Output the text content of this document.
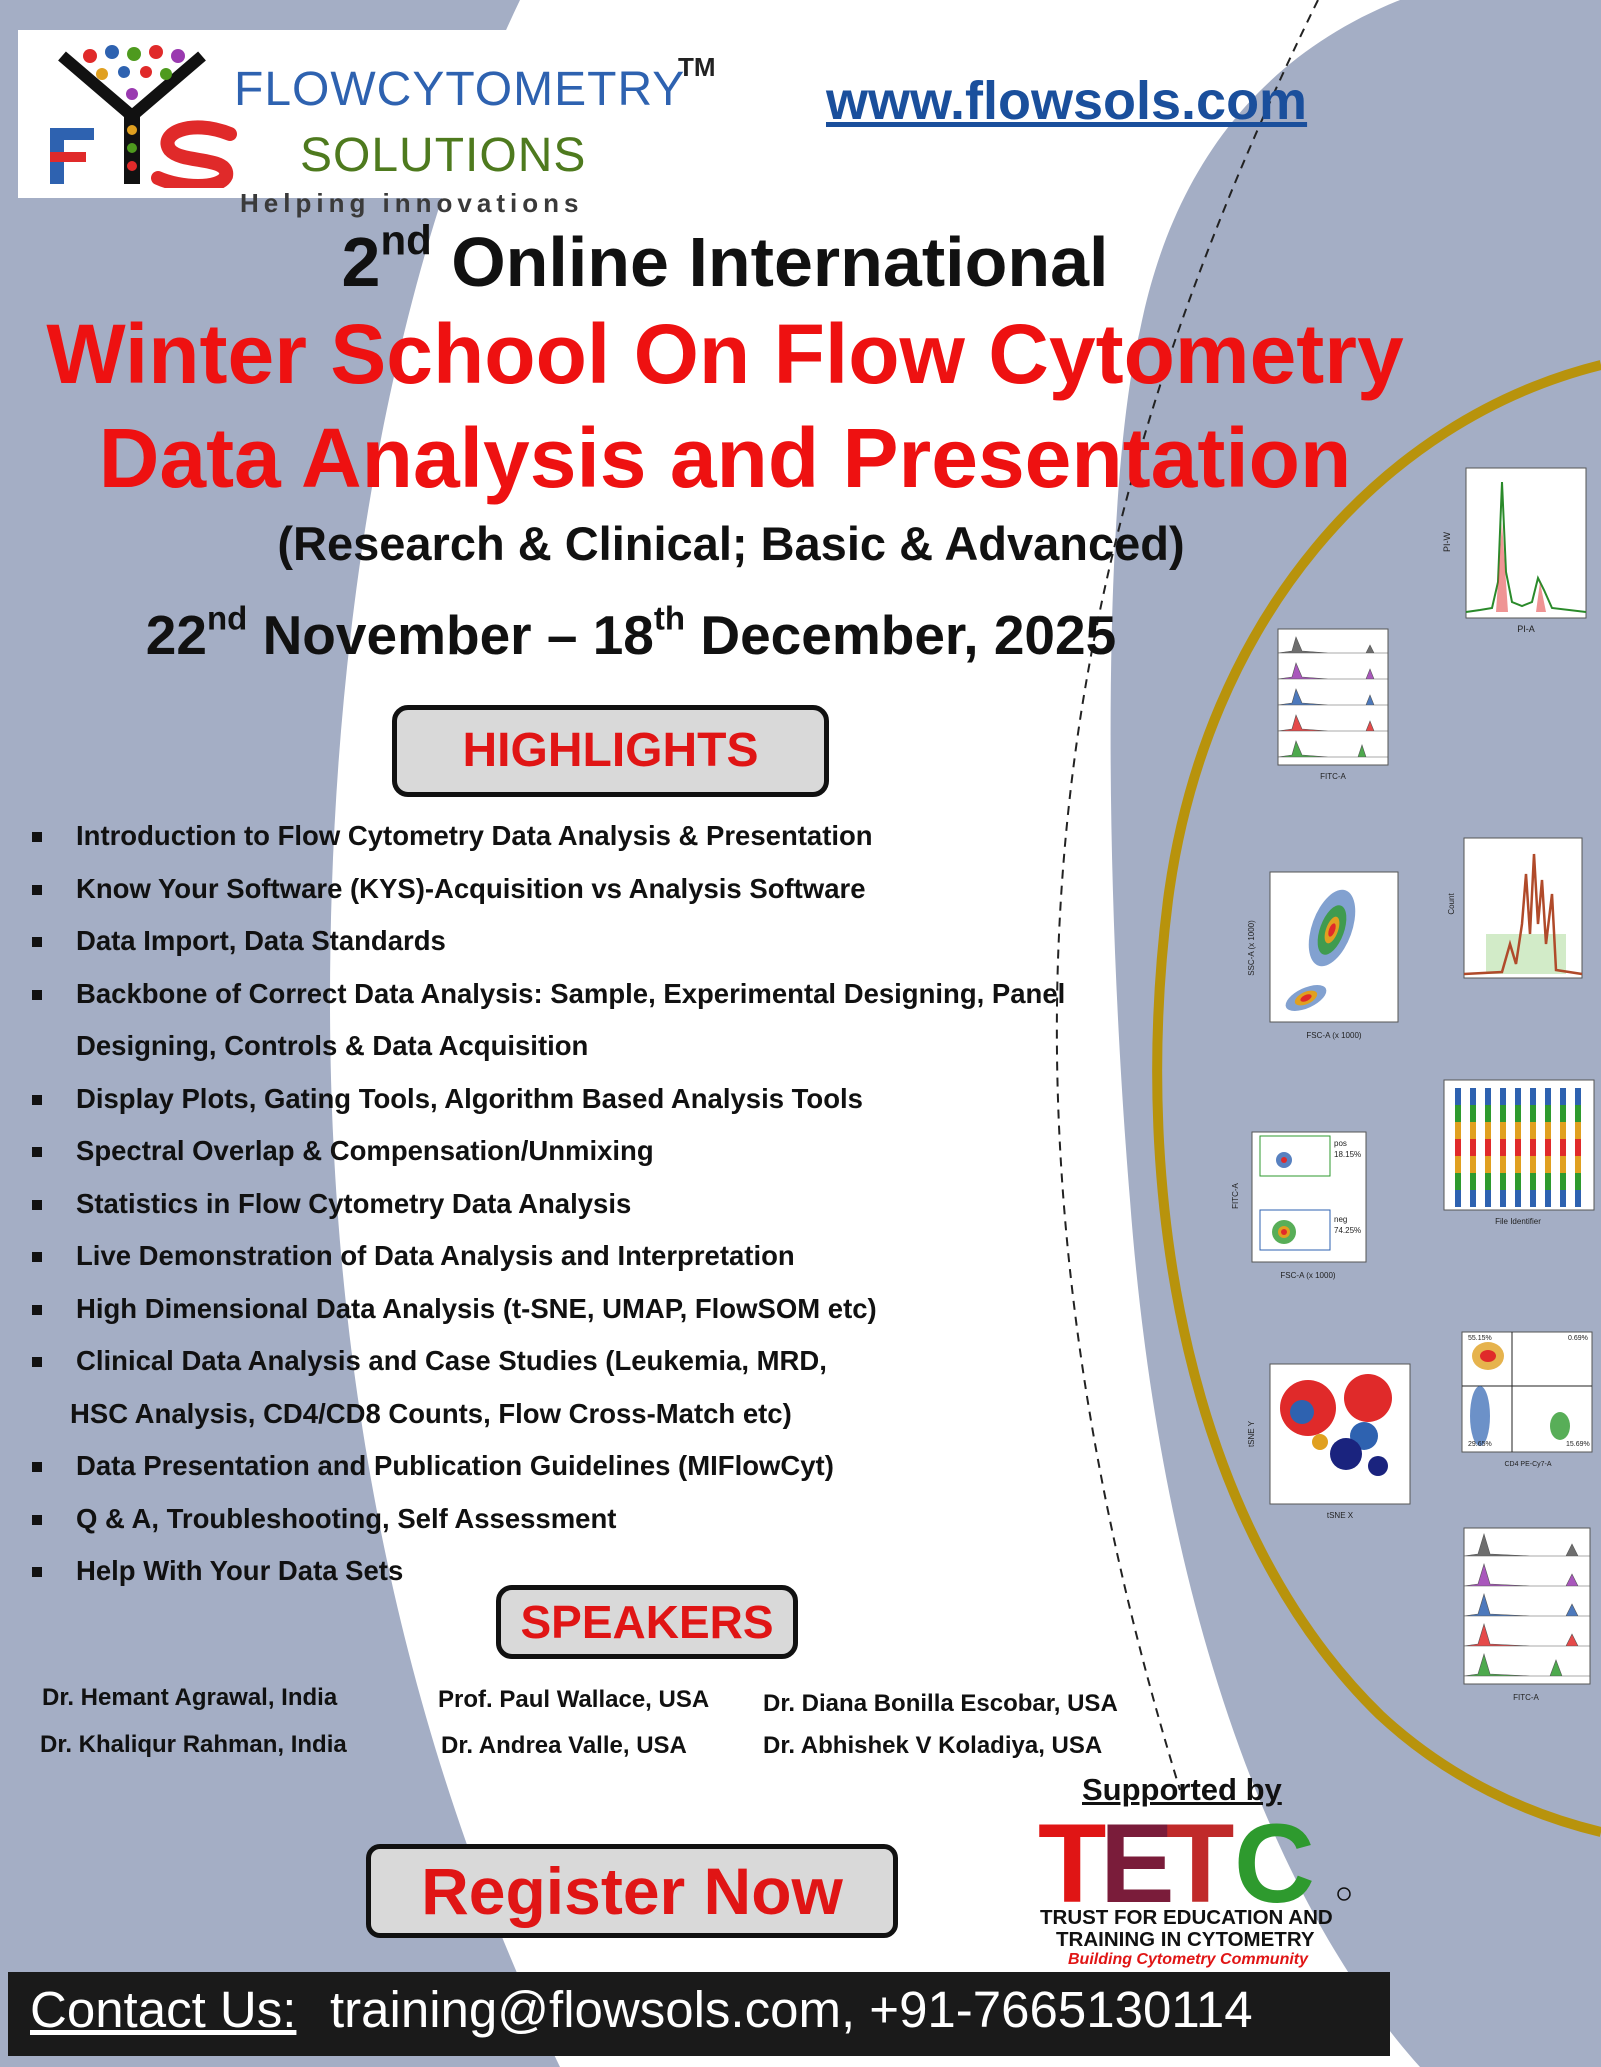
FLOWCYTOMETRY
TM
SOLUTIONS
Helping innovations
www.flowsols.com
2nd Online International
Winter School On Flow Cytometry
Data Analysis and Presentation
(Research & Clinical; Basic & Advanced)
22nd November – 18th December, 2025
HIGHLIGHTS
Introduction to Flow Cytometry Data Analysis & Presentation
Know Your Software (KYS)-Acquisition vs Analysis Software
Data Import, Data Standards
Backbone of Correct Data Analysis: Sample, Experimental Designing, Panel
Designing, Controls & Data Acquisition
Display Plots, Gating Tools, Algorithm Based Analysis Tools
Spectral Overlap & Compensation/Unmixing
Statistics in Flow Cytometry Data Analysis
Live Demonstration of Data Analysis and Interpretation
High Dimensional Data Analysis (t-SNE, UMAP, FlowSOM etc)
Clinical Data Analysis and Case Studies (Leukemia, MRD,
HSC Analysis, CD4/CD8 Counts, Flow Cross-Match etc)
Data Presentation and Publication Guidelines (MIFlowCyt)
Q & A, Troubleshooting, Self Assessment
Help With Your Data Sets
SPEAKERS
Dr. Hemant Agrawal, India
Dr. Khaliqur Rahman, India
Prof. Paul Wallace, USA
Dr. Andrea Valle, USA
Dr. Diana Bonilla Escobar, USA
Dr. Abhishek V Koladiya, USA
Register Now
Supported by
T E
T C
TRUST FOR EDUCATION AND
TRAINING IN CYTOMETRY
Building Cytometry Community
Contact Us: training@flowsols.com, +91-7665130114
PI-A
PI-W
FITC-A
Count
FSC-A (x 1000)
SSC-A (x 1000)
File Identifier
pos
18.15%
neg
74.25%
FSC-A (x 1000)
FITC-A
tSNE X
tSNE Y
55.15%	0.69%
29.65%	15.69%
CD4 PE-Cy7-A
FITC-A
